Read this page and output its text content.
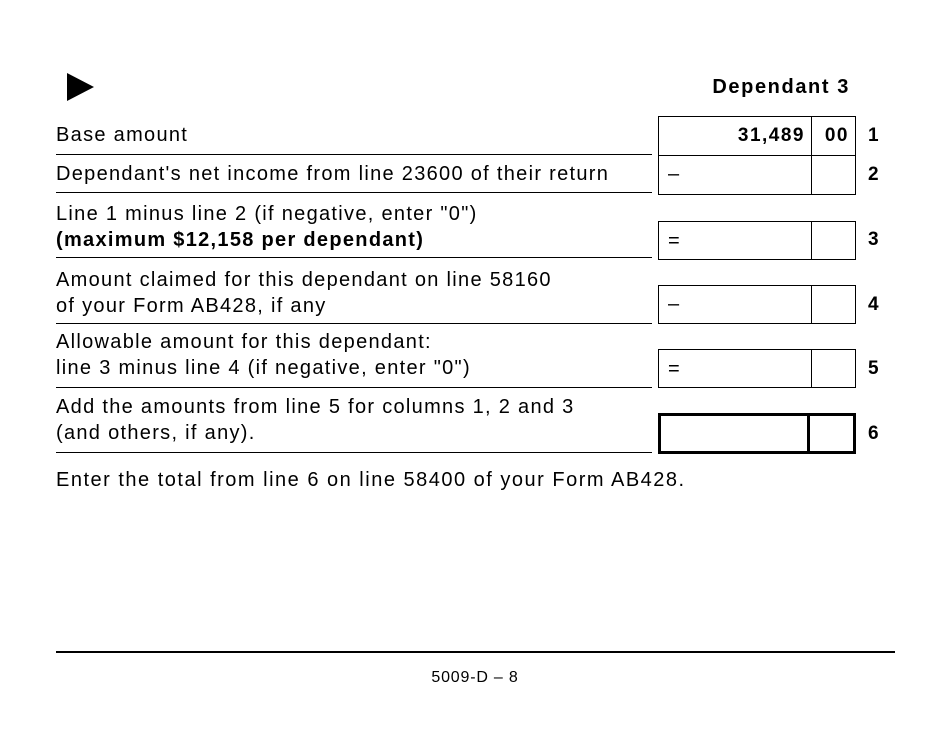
Dependant 3
Base amount	31,489 00 1
Dependant's net income from line 23600 of their return	–	2
Line 1 minus line 2 (if negative, enter "0")
(maximum $12,158 per dependant)	=	3
Amount claimed for this dependant on line 58160
of your Form AB428, if any	–	4
Allowable amount for this dependant:
line 3 minus line 4 (if negative, enter "0")	=	5
Add the amounts from line 5 for columns 1, 2 and 3
(and others, if any).	6
Enter the total from line 6 on line 58400 of your Form AB428.
5009-D – 8
